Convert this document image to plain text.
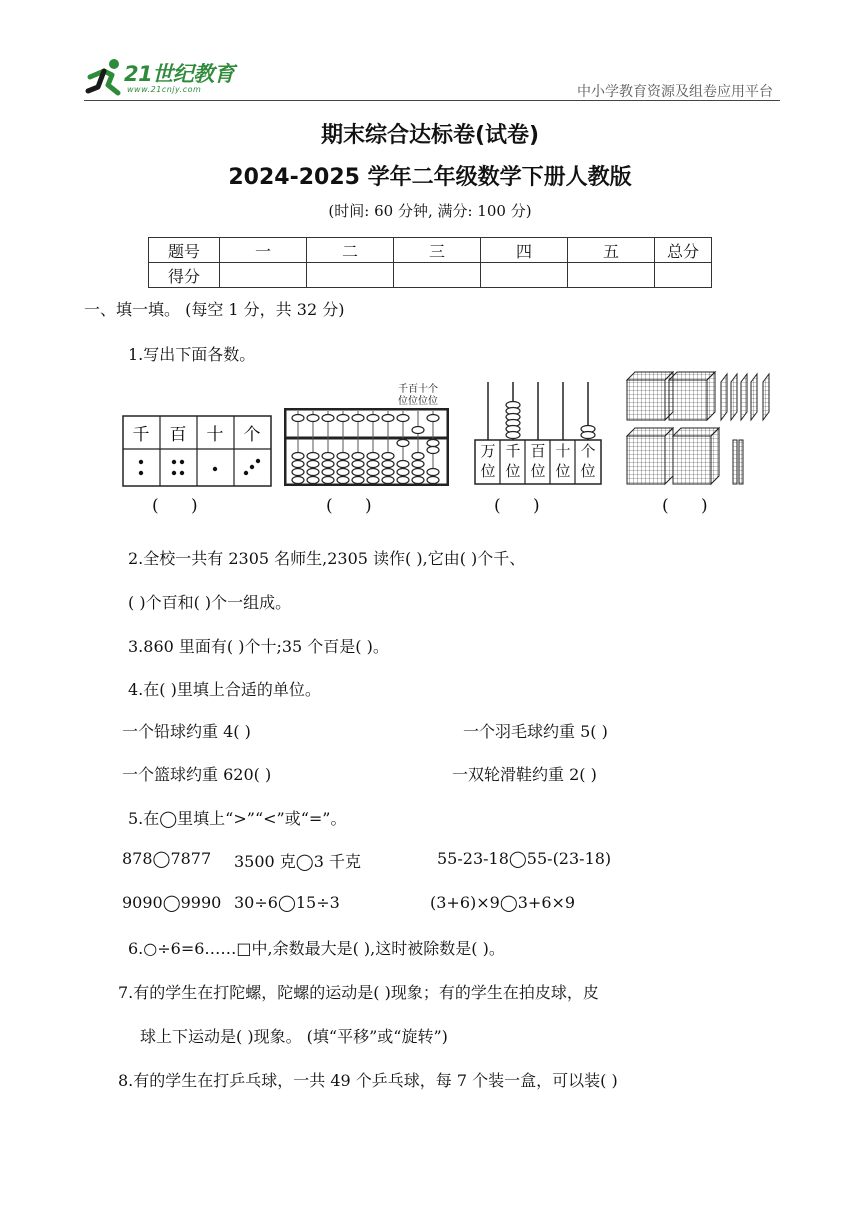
21世纪教育
www.21cnjy.com	中小学教育资源及组卷应用平台
期末综合达标卷(试卷)
2024-2025 学年二年级数学下册人教版
(时间: 60 分钟, 满分: 100 分)
题号	一	二	三	四	五	总分
得分						
一、填一填。 (每空 1 分，共 32 分)
1.写出下面各数。
千 百 十 个
千百十个
位位位位
万位
千位
百位
十位
个位
(      )	(      )	(      )	(      )
2.全校一共有 2305 名师生,2305 读作( ),它由( )个千、
( )个百和( )个一组成。
3.860 里面有( )个十;35 个百是( )。
4.在( )里填上合适的单位。
一个铅球约重 4( )	一个羽毛球约重 5( )
一个篮球约重 620( )	一双轮滑鞋约重 2( )
5.在◯里填上“>”“<”或“=”。
878◯7877 3500 克◯3 千克	55-23-18◯55-(23-18)
9090◯9990 30÷6◯15÷3	(3+6)×9◯3+6×9
6.○÷6=6……□中,余数最大是( ),这时被除数是( )。
7.有的学生在打陀螺，陀螺的运动是( )现象；有的学生在拍皮球，皮
球上下运动是( )现象。 (填“平移”或“旋转”)
8.有的学生在打乒乓球，一共 49 个乒乓球，每 7 个装一盒，可以装( )
